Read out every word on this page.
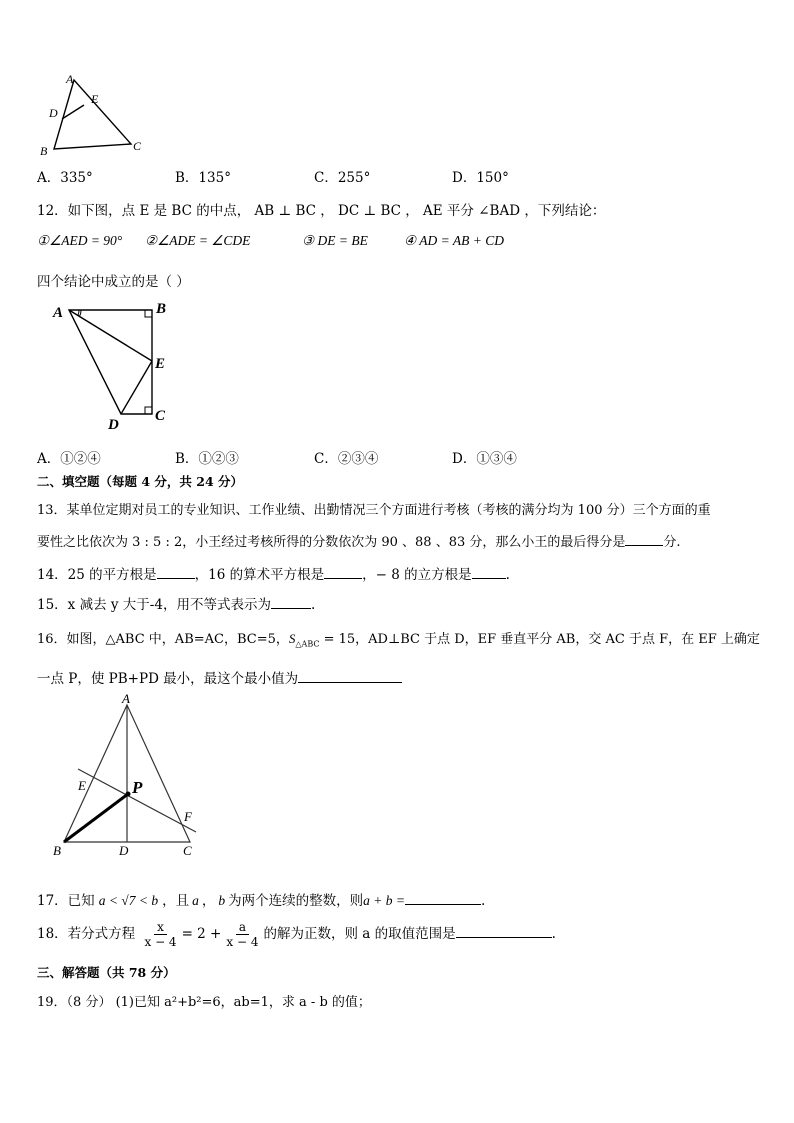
A
D
E
B	C
A．335°	B．135°	C．255°	D．150°
12．如下图，点 E 是 BC 的中点， AB ⊥ BC ， DC ⊥ BC ， AE 平分 ∠BAD ，下列结论：
①∠AED = 90° ②∠ADE = ∠CDE	③ DE = BE	④ AD = AB + CD
四个结论中成立的是（ ）
A	B
E
D
C
A．①②④	B．①②③	C．②③④	D．①③④
二、填空题（每题 4 分，共 24 分）
13．某单位定期对员工的专业知识、工作业绩、出勤情况三个方面进行考核（考核的满分均为 100 分）三个方面的重
要性之比依次为 3 : 5 : 2，小王经过考核所得的分数依次为 90 、88 、83 分，那么小王的最后得分是	分.
14．25 的平方根是	，16 的算术平方根是	，− 8 的立方根是	.
15．x 减去 y 大于-4，用不等式表示为	.
16．如图，△ABC 中，AB=AC，BC=5，$S_{\triangle ABC} = 15$，AD⊥BC 于点 D，EF 垂直平分 AB，交 AC 于点 F，在 EF 上确定
一点 P，使 PB+PD 最小，最这个最小值为
A
E	P
F
B	D	C
17．已知 a < √7 < b ，且 a ， b 为两个连续的整数，则a + b =	.
18．若分式方程 $\frac{x}{x - 4} = 2 + \frac{a}{x - 4}$ 的解为正数，则 a 的取值范围是	.
三、解答题（共 78 分）
19．（8 分） (1)已知 a²+b²=6，ab=1，求 a - b 的值；
